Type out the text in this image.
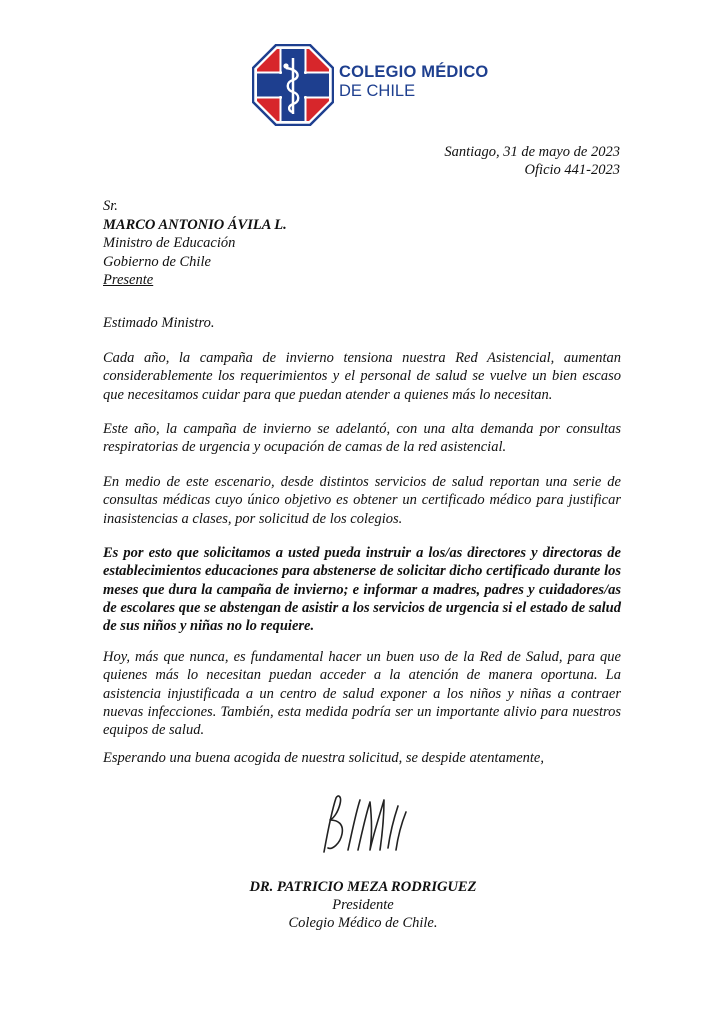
COLEGIO MÉDICO
DE CHILE
Santiago, 31 de mayo de 2023
Oficio 441-2023
Sr.
MARCO ANTONIO ÁVILA L.
Ministro de Educación
Gobierno de Chile
Presente
Estimado Ministro.
Cada año, la campaña de invierno tensiona nuestra Red Asistencial, aumentan considerablemente los requerimientos y el personal de salud se vuelve un bien escaso que necesitamos cuidar para que puedan atender a quienes más lo necesitan.
Este año, la campaña de invierno se adelantó, con una alta demanda por consultas respiratorias de urgencia y ocupación de camas de la red asistencial.
En medio de este escenario, desde distintos servicios de salud reportan una serie de consultas médicas cuyo único objetivo es obtener un certificado médico para justificar inasistencias a clases, por solicitud de los colegios.
Es por esto que solicitamos a usted pueda instruir a los/as directores y directoras de establecimientos educaciones para abstenerse de solicitar dicho certificado durante los meses que dura la campaña de invierno; e informar a madres, padres y cuidadores/as de escolares que se abstengan de asistir a los servicios de urgencia si el estado de salud de sus niños y niñas no lo requiere.
Hoy, más que nunca, es fundamental hacer un buen uso de la Red de Salud, para que quienes más lo necesitan puedan acceder a la atención de manera oportuna. La asistencia injustificada a un centro de salud exponer a los niños y niñas a contraer nuevas infecciones. También, esta medida podría ser un importante alivio para nuestros equipos de salud.
Esperando una buena acogida de nuestra solicitud, se despide atentamente,
DR. PATRICIO MEZA RODRIGUEZ
Presidente
Colegio Médico de Chile.
